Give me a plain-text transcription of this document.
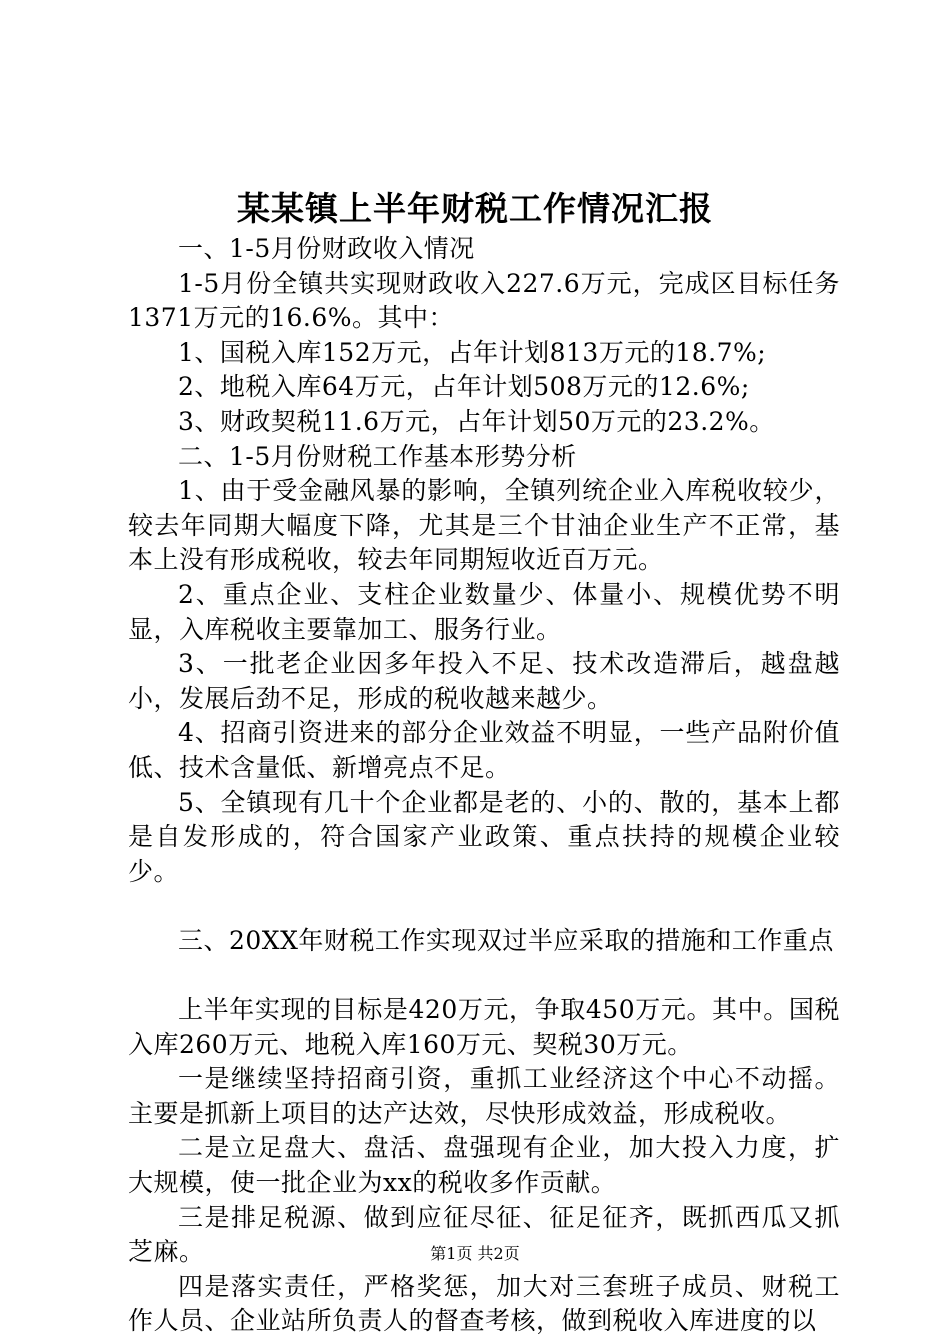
某某镇上半年财税工作情况汇报

一、1-5月份财政收入情况

1-5月份全镇共实现财政收入227.6万元，完成区目标任务1371万元的16.6%。其中：

1、国税入库152万元，占年计划813万元的18.7%;

2、地税入库64万元，占年计划508万元的12.6%;

3、财政契税11.6万元，占年计划50万元的23.2%。

二、1-5月份财税工作基本形势分析

1、由于受金融风暴的影响，全镇列统企业入库税收较少，较去年同期大幅度下降，尤其是三个甘油企业生产不正常，基本上没有形成税收，较去年同期短收近百万元。

2、重点企业、支柱企业数量少、体量小、规模优势不明显，入库税收主要靠加工、服务行业。

3、一批老企业因多年投入不足、技术改造滞后，越盘越小，发展后劲不足，形成的税收越来越少。

4、招商引资进来的部分企业效益不明显，一些产品附价值低、技术含量低、新增亮点不足。

5、全镇现有几十个企业都是老的、小的、散的，基本上都是自发形成的，符合国家产业政策、重点扶持的规模企业较少。

三、20XX年财税工作实现双过半应采取的措施和工作重点

上半年实现的目标是420万元，争取450万元。其中。国税入库260万元、地税入库160万元、契税30万元。

一是继续坚持招商引资，重抓工业经济这个中心不动摇。主要是抓新上项目的达产达效，尽快形成效益，形成税收。

二是立足盘大、盘活、盘强现有企业，加大投入力度，扩大规模，使一批企业为xx的税收多作贡献。

三是排足税源、做到应征尽征、征足征齐，既抓西瓜又抓芝麻。

四是落实责任，严格奖惩，加大对三套班子成员、财税工作人员、企业站所负责人的督查考核，做到税收入库进度的以

第1页 共2页
